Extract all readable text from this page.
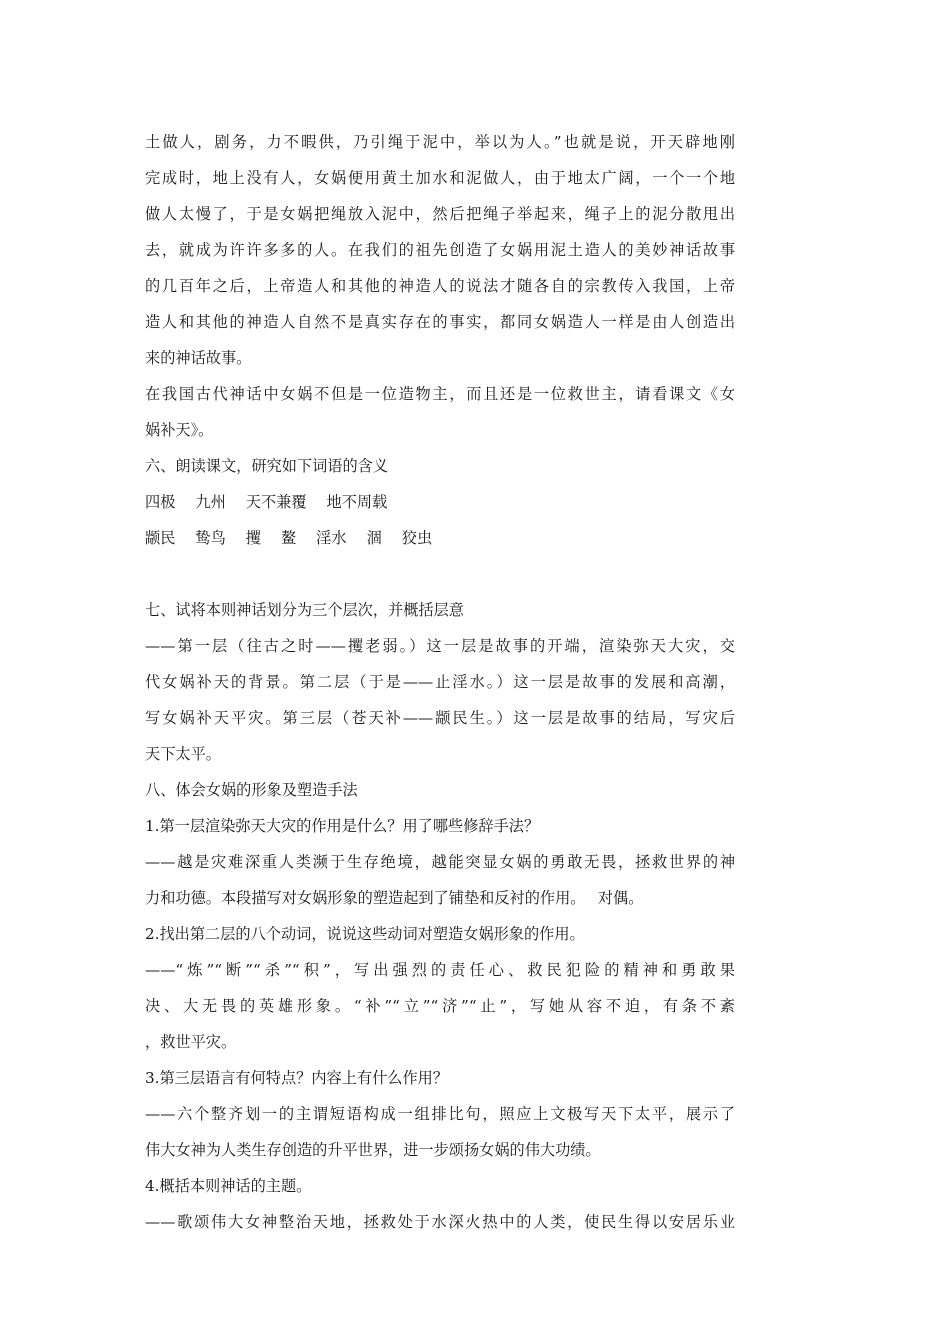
土做人，剧务，力不暇供，乃引绳于泥中，举以为人。”也就是说，开天辟地刚
完成时，地上没有人，女娲便用黄土加水和泥做人，由于地太广阔，一个一个地
做人太慢了，于是女娲把绳放入泥中，然后把绳子举起来，绳子上的泥分散甩出
去，就成为许许多多的人。在我们的祖先创造了女娲用泥土造人的美妙神话故事
的几百年之后，上帝造人和其他的神造人的说法才随各自的宗教传入我国，上帝
造人和其他的神造人自然不是真实存在的事实，都同女娲造人一样是由人创造出
来的神话故事。
在我国古代神话中女娲不但是一位造物主，而且还是一位救世主，请看课文《女
娲补天》。
六、朗读课文，研究如下词语的含义
四极　 九州　 天不兼覆　 地不周载
颛民　 鸷鸟　 攫　 鳌　 淫水　 涸　 狡虫
七、试将本则神话划分为三个层次，并概括层意
——第一层（往古之时——攫老弱。）这一层是故事的开端，渲染弥天大灾，交
代女娲补天的背景。第二层（于是——止淫水。）这一层是故事的发展和高潮，
写女娲补天平灾。第三层（苍天补——颛民生。）这一层是故事的结局，写灾后
天下太平。
八、体会女娲的形象及塑造手法
1.第一层渲染弥天大灾的作用是什么？用了哪些修辞手法？
——越是灾难深重人类濒于生存绝境，越能突显女娲的勇敢无畏，拯救世界的神
力和功德。本段描写对女娲形象的塑造起到了铺垫和反衬的作用。　 对偶。
2.找出第二层的八个动词，说说这些动词对塑造女娲形象的作用。
——“炼”“断”“杀”“积”，写出强烈的责任心、救民犯险的精神和勇敢果
决、大无畏的英雄形象。“补”“立”“济”“止”，写她从容不迫，有条不紊
，救世平灾。
3.第三层语言有何特点？内容上有什么作用？
——六个整齐划一的主谓短语构成一组排比句，照应上文极写天下太平，展示了
伟大女神为人类生存创造的升平世界，进一步颂扬女娲的伟大功绩。
4.概括本则神话的主题。
——歌颂伟大女神整治天地，拯救处于水深火热中的人类，使民生得以安居乐业
